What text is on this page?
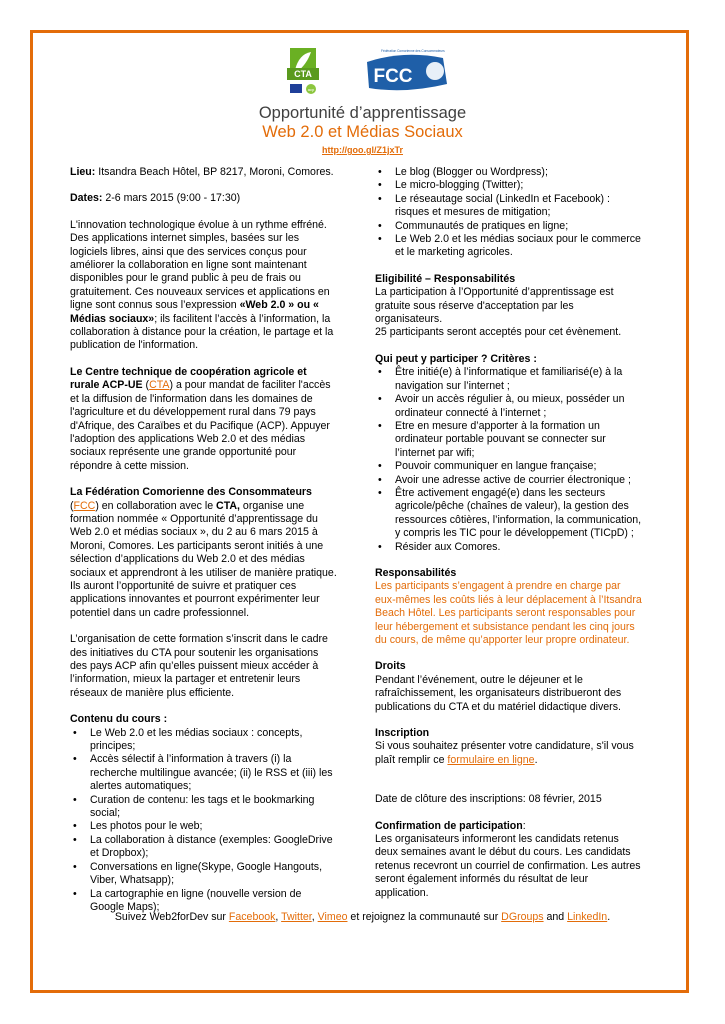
CTA
acp
Fédération Comorienne des Consommateurs
FCC
Opportunité d’apprentissage
Web 2.0 et Médias Sociaux
http://goo.gl/Z1jxTr

Lieu: Itsandra Beach Hôtel, BP 8217, Moroni, Comores.

Dates: 2-6 mars 2015 (9:00 - 17:30)

L'innovation technologique évolue à un rythme effréné. Des applications internet simples, basées sur les logiciels libres, ainsi que des services conçus pour améliorer la collaboration en ligne sont maintenant disponibles pour le grand public à peu de frais ou gratuitement. Ces nouveaux services et applications en ligne sont connus sous l’expression «Web 2.0 » ou « Médias sociaux»; ils facilitent l’accès à l’information, la collaboration à distance pour la création, le partage et la publication de l'information.

Le Centre technique de coopération agricole et rurale ACP-UE (CTA) a pour mandat de faciliter l'accès et la diffusion de l'information dans les domaines de l'agriculture et du développement rural dans 79 pays d'Afrique, des Caraïbes et du Pacifique (ACP). Appuyer l'adoption des applications Web 2.0 et des médias sociaux représente une grande opportunité pour répondre à cette mission.

La Fédération Comorienne des Consommateurs (FCC) en collaboration avec le CTA, organise une formation nommée « Opportunité d’apprentissage du Web 2.0 et médias sociaux », du 2 au 6 mars 2015 à Moroni, Comores. Les participants seront initiés à une sélection d’applications du Web 2.0 et des médias sociaux et apprendront à les utiliser de manière pratique. Ils auront l’opportunité de suivre et pratiquer ces applications innovantes et pourront expérimenter leur potentiel dans un cadre professionnel.

L’organisation de cette formation s’inscrit dans le cadre des initiatives du CTA pour soutenir les organisations des pays ACP afin qu’elles puissent mieux accéder à l’information, mieux la partager et entretenir leurs réseaux de manière plus efficiente.

Contenu du cours :

• Le Web 2.0 et les médias sociaux : concepts, principes;
• Accès sélectif à l’information à travers (i) la recherche multilingue avancée; (ii) le RSS et (iii) les alertes automatiques;
• Curation de contenu: les tags et le bookmarking social;
• Les photos pour le web;
• La collaboration à distance (exemples: GoogleDrive et Dropbox);
• Conversations en ligne(Skype, Google Hangouts, Viber, Whatsapp);
• La cartographie en ligne (nouvelle version de Google Maps);
• Le blog (Blogger ou Wordpress);
• Le micro-blogging (Twitter);
• Le réseautage social (LinkedIn et Facebook) : risques et mesures de mitigation;
• Communautés de pratiques en ligne;
• Le Web 2.0 et les médias sociaux pour le commerce et le marketing agricoles.

Eligibilité – Responsabilités

La participation à l’Opportunité d’apprentissage est gratuite sous réserve d'acceptation par les organisateurs.

25 participants seront acceptés pour cet évènement.

Qui peut y participer ? Critères :

• Être initié(e) à l’informatique et familiarisé(e) à la navigation sur l’internet ;
• Avoir un accès régulier à, ou mieux, posséder un ordinateur connecté à l’internet ;
• Etre en mesure d’apporter à la formation un ordinateur portable pouvant se connecter sur l’internet par wifi;
• Pouvoir communiquer en langue française;
• Avoir une adresse active de courrier électronique ;
• Être activement engagé(e) dans les secteurs agricole/pêche (chaînes de valeur), la gestion des ressources côtières, l’information, la communication, y compris les TIC pour le développement (TICpD) ;
• Résider aux Comores.

Responsabilités

Les participants s’engagent à prendre en charge par eux-mêmes les coûts liés à leur déplacement à l’Itsandra Beach Hôtel. Les participants seront responsables pour leur hébergement et subsistance pendant les cinq jours du cours, de même qu’apporter leur propre ordinateur.

Droits

Pendant l’événement, outre le déjeuner et le rafraîchissement, les organisateurs distribueront des publications du CTA et du matériel didactique divers.

Inscription

Si vous souhaitez présenter votre candidature, s'il vous plaît remplir ce formulaire en ligne.

Date de clôture des inscriptions: 08 février, 2015

Confirmation de participation:

Les organisateurs informeront les candidats retenus deux semaines avant le début du cours. Les candidats retenus recevront un courriel de confirmation. Les autres seront également informés du résultat de leur application.

Suivez Web2forDev sur Facebook, Twitter, Vimeo et rejoignez la communauté sur DGroups and LinkedIn.
